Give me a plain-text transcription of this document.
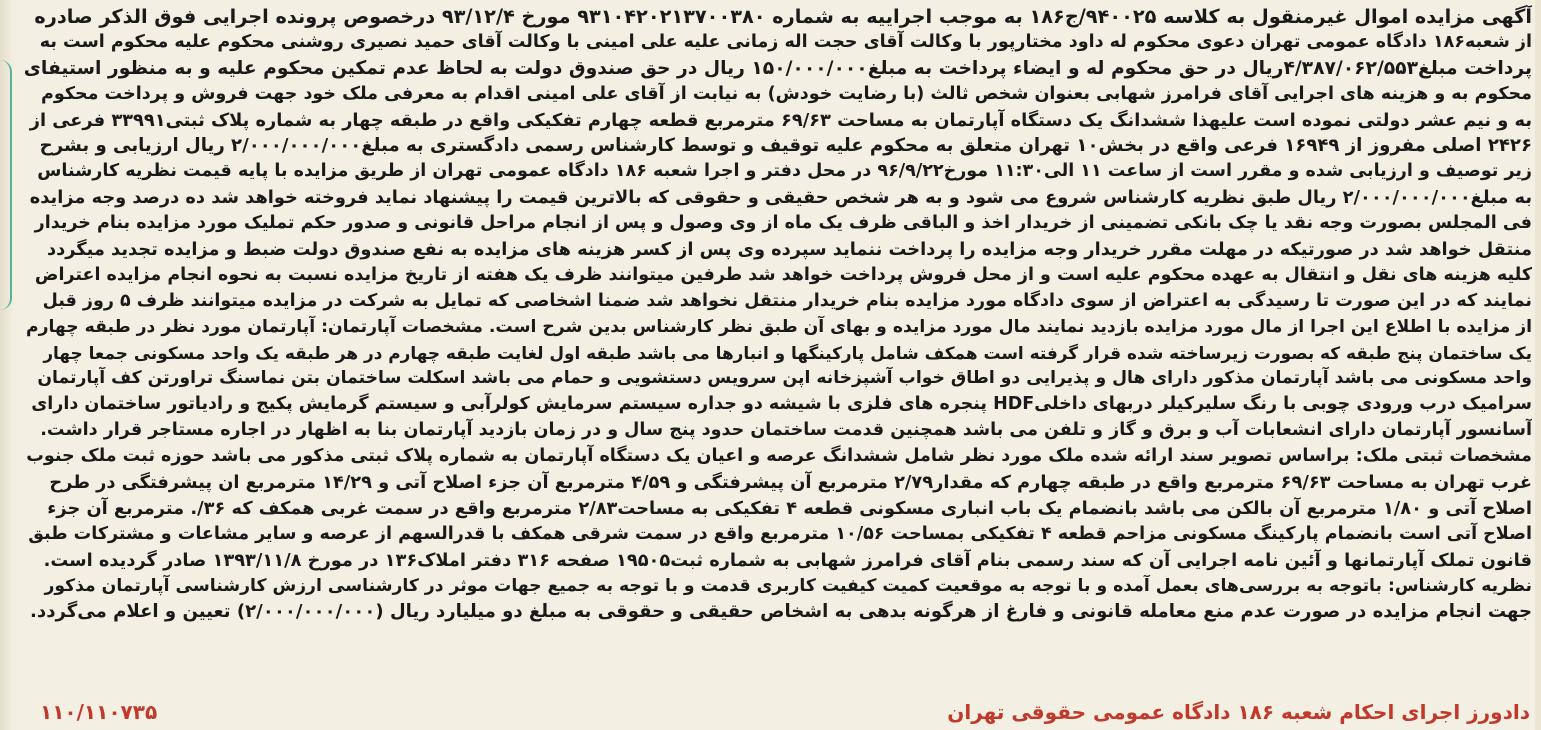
آگهی مزایده اموال غیرمنقول به کلاسه ۹۴۰۰۲۵/ج۱۸۶ به موجب اجراییه به شماره ۹۳۱۰۴۲۰۲۱۳۷۰۰۳۸۰ مورخ ۹۳/۱۲/۴ درخصوص پرونده اجرایی فوق الذکر صادره
از شعبه۱۸۶ دادگاه عمومی تهران دعوی محکوم له داود مختارپور با وکالت آقای حجت اله زمانی علیه علی امینی با وکالت آقای حمید نصیری روشنی محکوم علیه محکوم است به
پرداخت مبلغ۴/۳۸۷/۰۶۲/۵۵۳ریال در حق محکوم له و ایضاء پرداخت به مبلغ۱۵۰/۰۰۰/۰۰۰ ریال در حق صندوق دولت به لحاظ عدم تمکین محکوم علیه و به منظور استیفای
محکوم به و هزینه های اجرایی آقای فرامرز شهابی بعنوان شخص ثالث (با رضایت خودش) به نیابت از آقای علی امینی اقدام به معرفی ملک خود جهت فروش و پرداخت محکوم
به و نیم عشر دولتی نموده است علیهذا ششدانگ یک دستگاه آپارتمان به مساحت ۶۹/۶۳ مترمربع قطعه چهارم تفکیکی واقع در طبقه چهار به شماره پلاک ثبتی۳۳۹۹۱ فرعی از
۲۴۲۶ اصلی مفروز از ۱۶۹۴۹ فرعی واقع در بخش۱۰ تهران متعلق به محکوم علیه توقیف و توسط کارشناس رسمی دادگستری به مبلغ۲/۰۰۰/۰۰۰/۰۰۰ ریال ارزیابی و بشرح
زیر توصیف و ارزیابی شده و مقرر است از ساعت ۱۱ الی۱۱:۳۰ مورخ۹۶/۹/۲۲ در محل دفتر و اجرا شعبه ۱۸۶ دادگاه عمومی تهران از طریق مزایده با پایه قیمت نظریه کارشناس
به مبلغ۲/۰۰۰/۰۰۰/۰۰۰ ریال طبق نظریه کارشناس شروع می شود و به هر شخص حقیقی و حقوقی که بالاترین قیمت را پیشنهاد نماید فروخته خواهد شد ده درصد وجه مزایده
فی المجلس بصورت وجه نقد یا چک بانکی تضمینی از خریدار اخذ و الباقی ظرف یک ماه از وی وصول و پس از انجام مراحل قانونی و صدور حکم تملیک مورد مزایده بنام خریدار
منتقل خواهد شد در صورتیکه در مهلت مقرر خریدار وجه مزایده را پرداخت ننماید سپرده وی پس از کسر هزینه های مزایده به نفع صندوق دولت ضبط و مزایده تجدید میگردد
کلیه هزینه های نقل و انتقال به عهده محکوم علیه است و از محل فروش پرداخت خواهد شد طرفین میتوانند ظرف یک هفته از تاریخ مزایده نسبت به نحوه انجام مزایده اعتراض
نمایند که در این صورت تا رسیدگی به اعتراض از سوی دادگاه مورد مزایده بنام خریدار منتقل نخواهد شد ضمنا اشخاصی که تمایل به شرکت در مزایده میتوانند ظرف ۵ روز قبل
از مزایده با اطلاع این اجرا از مال مورد مزایده بازدید نمایند مال مورد مزایده و بهای آن طبق نظر کارشناس بدین شرح است. مشخصات آپارتمان: آپارتمان مورد نظر در طبقه چهارم
یک ساختمان پنج طبقه که بصورت زیرساخته شده قرار گرفته است همکف شامل پارکینگها و انبارها می باشد طبقه اول لغایت طبقه چهارم در هر طبقه یک واحد مسکونی جمعا چهار
واحد مسکونی می باشد آپارتمان مذکور دارای هال و پذیرایی دو اطاق خواب آشپزخانه اپن سرویس دستشویی و حمام می باشد اسکلت ساختمان بتن نماسنگ تراورتن کف آپارتمان
سرامیک درب ورودی چوبی با رنگ سلیرکیلر دربهای داخلیHDF پنجره های فلزی با شیشه دو جداره سیستم سرمایش کولرآبی و سیستم گرمایش پکیج و رادیاتور ساختمان دارای
آسانسور آپارتمان دارای انشعابات آب و برق و گاز و تلفن می باشد همچنین قدمت ساختمان حدود پنج سال و در زمان بازدید آپارتمان بنا به اظهار در اجاره مستاجر قرار داشت.
مشخصات ثبتی ملک: براساس تصویر سند ارائه شده ملک مورد نظر شامل ششدانگ عرصه و اعیان یک دستگاه آپارتمان به شماره پلاک ثبتی مذکور می باشد حوزه ثبت ملک جنوب
غرب تهران به مساحت ۶۹/۶۳ مترمربع واقع در طبقه چهارم که مقدار۲/۷۹ مترمربع آن پیشرفتگی و ۴/۵۹ مترمربع آن جزء اصلاح آتی و ۱۴/۲۹ مترمربع ان پیشرفتگی در طرح
اصلاح آتی و ۱/۸۰ مترمربع آن بالکن می باشد بانضمام یک باب انباری مسکونی قطعه ۴ تفکیکی به مساحت۲/۸۳ مترمربع واقع در سمت غربی همکف که ۳۶/. مترمربع آن جزء
اصلاح آتی است بانضمام پارکینگ مسکونی مزاحم قطعه ۴ تفکیکی بمساحت ۱۰/۵۶ مترمربع واقع در سمت شرقی همکف با قدرالسهم از عرصه و سایر مشاعات و مشترکات طبق
قانون تملک آپارتمانها و آئین نامه اجرایی آن که سند رسمی بنام آقای فرامرز شهابی به شماره ثبت۱۹۵۰۵ صفحه ۳۱۶ دفتر املاک۱۳۶ در مورخ ۱۳۹۳/۱۱/۸ صادر گردیده است.
نظریه کارشناس: باتوجه به بررسی‌های بعمل آمده و با توجه به موقعیت کمیت کیفیت کاربری قدمت و با توجه به جمیع جهات موثر در کارشناسی ارزش کارشناسی آپارتمان مذکور
جهت انجام مزایده در صورت عدم منع معامله قانونی و فارغ از هرگونه بدهی به اشخاص حقیقی و حقوقی به مبلغ دو میلیارد ریال (۲/۰۰۰/۰۰۰/۰۰۰) تعیین و اعلام می‌گردد.
دادورز اجرای احکام شعبه ۱۸۶ دادگاه عمومی حقوقی تهران
۱۱۰/۱۱۰۷۳۵
